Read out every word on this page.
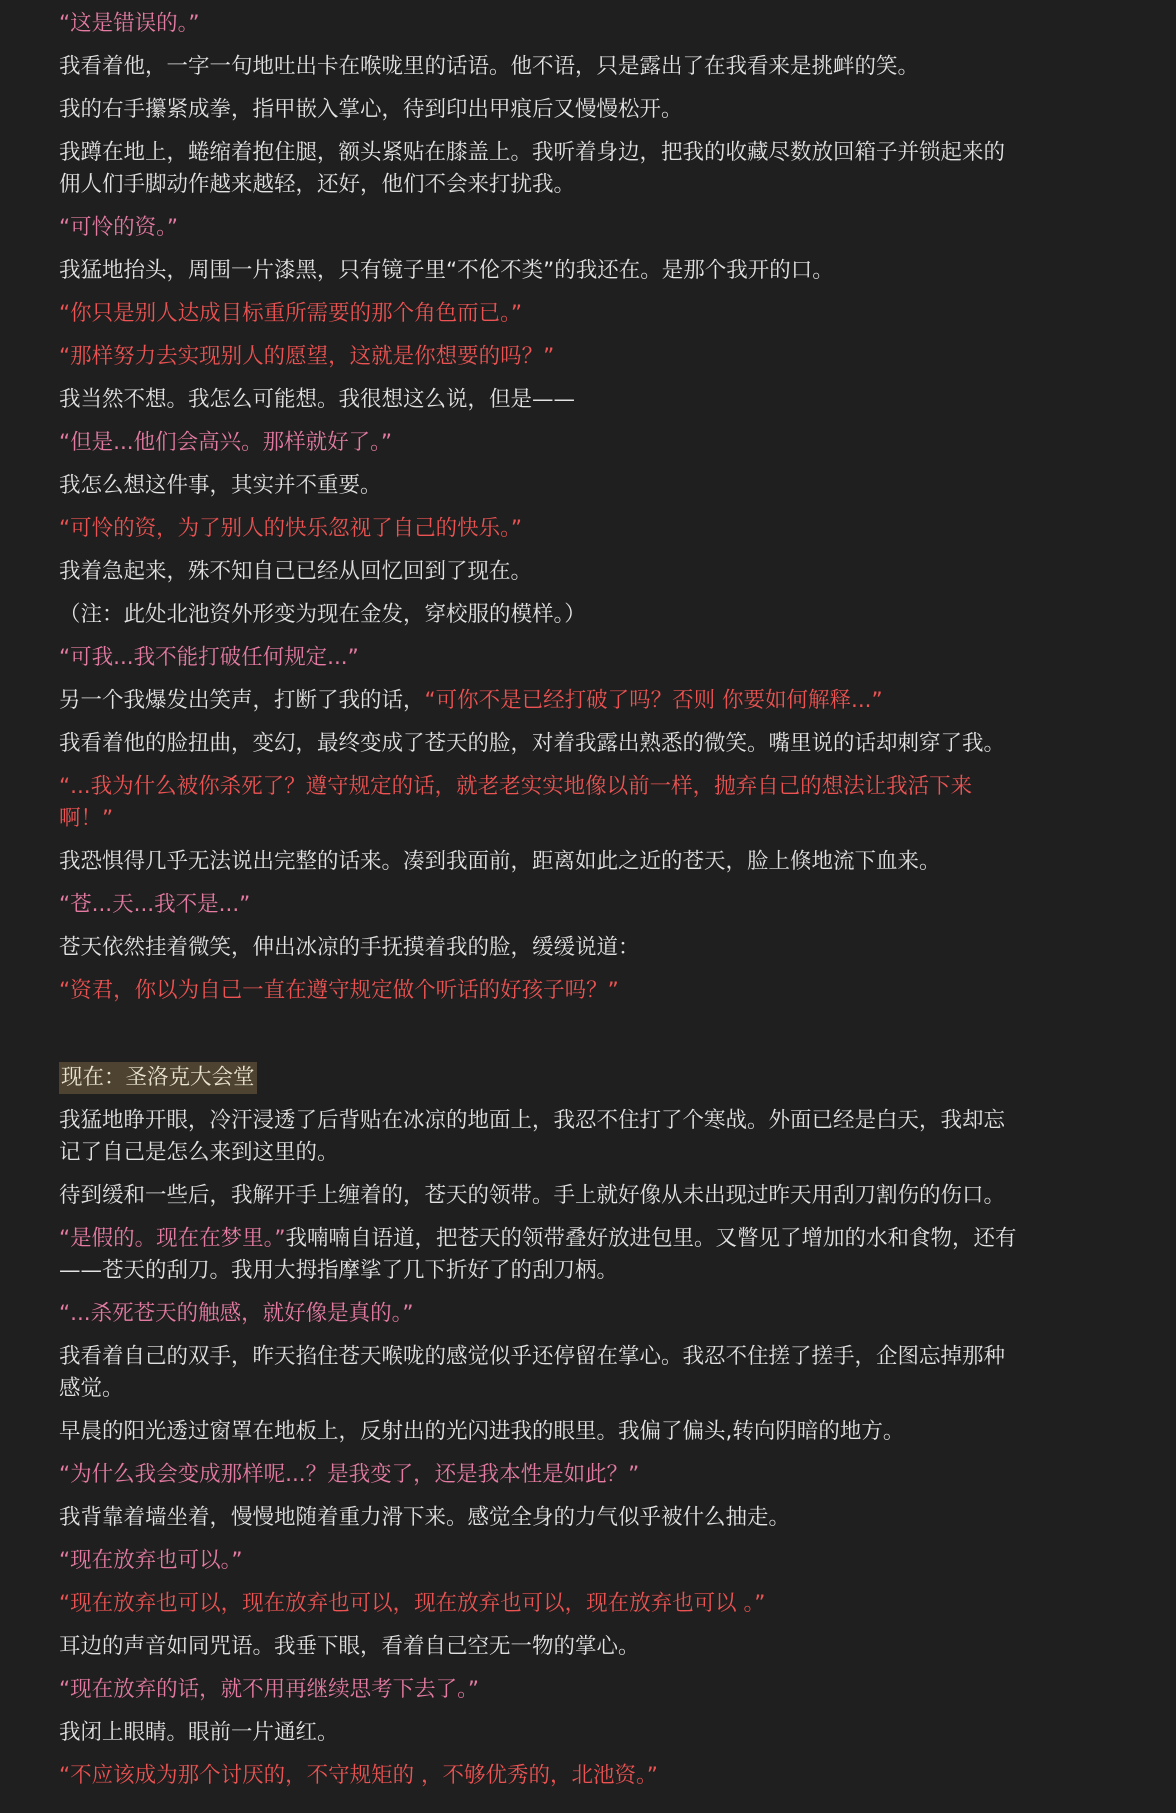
“这是错误的。”

我看着他，一字一句地吐出卡在喉咙里的话语。他不语，只是露出了在我看来是挑衅的笑。

我的右手攥紧成拳，指甲嵌入掌心，待到印出甲痕后又慢慢松开。

我蹲在地上，蜷缩着抱住腿，额头紧贴在膝盖上。我听着身边，把我的收藏尽数放回箱子并锁起来的佣人们手脚动作越来越轻，还好，他们不会来打扰我。

“可怜的资。”

我猛地抬头，周围一片漆黑，只有镜子里“不伦不类”的我还在。是那个我开的口。

“你只是别人达成目标重所需要的那个角色而已。”

“那样努力去实现别人的愿望，这就是你想要的吗？”

我当然不想。我怎么可能想。我很想这么说，但是——

“但是...他们会高兴。那样就好了。”

我怎么想这件事，其实并不重要。

“可怜的资，为了别人的快乐忽视了自己的快乐。”

我着急起来，殊不知自己已经从回忆回到了现在。

（注：此处北池资外形变为现在金发，穿校服的模样。）

“可我...我不能打破任何规定...”

另一个我爆发出笑声，打断了我的话，“可你不是已经打破了吗？否则 你要如何解释...”

我看着他的脸扭曲，变幻，最终变成了苍天的脸，对着我露出熟悉的微笑。嘴里说的话却刺穿了我。

“...我为什么被你杀死了？遵守规定的话，就老老实实地像以前一样，抛弃自己的想法让我活下来啊！”

我恐惧得几乎无法说出完整的话来。凑到我面前，距离如此之近的苍天，脸上倏地流下血来。

“苍...天...我不是...”

苍天依然挂着微笑，伸出冰凉的手抚摸着我的脸，缓缓说道：

“资君，你以为自己一直在遵守规定做个听话的好孩子吗？”

现在：圣洛克大会堂

我猛地睁开眼，冷汗浸透了后背贴在冰凉的地面上，我忍不住打了个寒战。外面已经是白天，我却忘记了自己是怎么来到这里的。

待到缓和一些后，我解开手上缠着的，苍天的领带。手上就好像从未出现过昨天用刮刀割伤的伤口。

“是假的。现在在梦里。”我喃喃自语道，把苍天的领带叠好放进包里。又瞥见了增加的水和食物，还有——苍天的刮刀。我用大拇指摩挲了几下折好了的刮刀柄。

“...杀死苍天的触感，就好像是真的。”

我看着自己的双手，昨天掐住苍天喉咙的感觉似乎还停留在掌心。我忍不住搓了搓手，企图忘掉那种感觉。

早晨的阳光透过窗罩在地板上，反射出的光闪进我的眼里。我偏了偏头,转向阴暗的地方。

“为什么我会变成那样呢...？是我变了，还是我本性是如此？”

我背靠着墙坐着，慢慢地随着重力滑下来。感觉全身的力气似乎被什么抽走。

“现在放弃也可以。”

“现在放弃也可以，现在放弃也可以，现在放弃也可以，现在放弃也可以 。”

耳边的声音如同咒语。我垂下眼，看着自己空无一物的掌心。

“现在放弃的话，就不用再继续思考下去了。”

我闭上眼睛。眼前一片通红。

“不应该成为那个讨厌的，不守规矩的 ，不够优秀的，北池资。”
